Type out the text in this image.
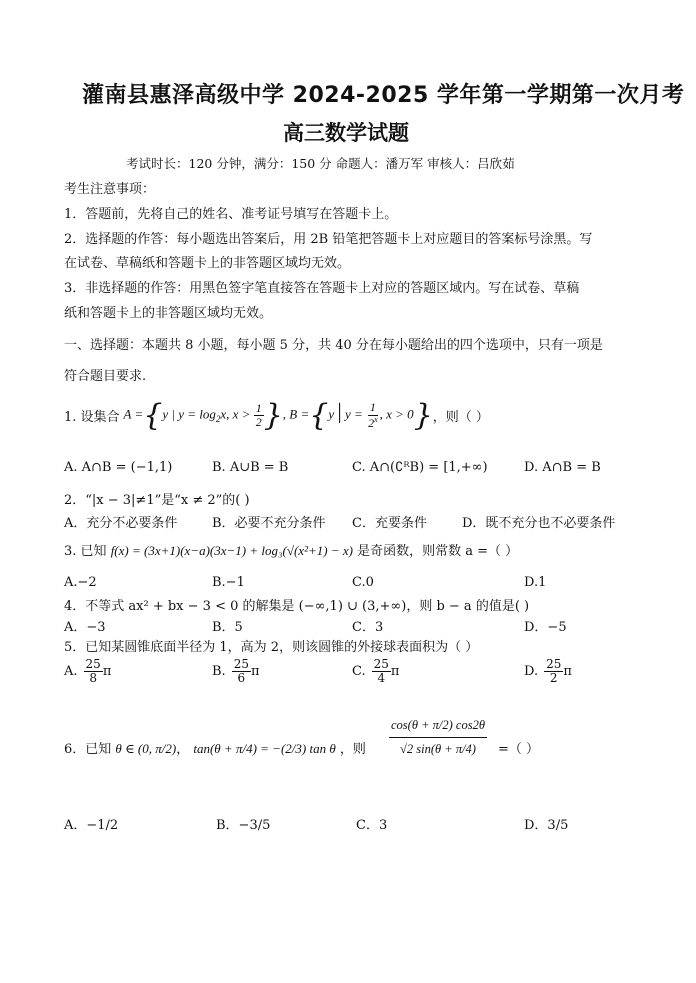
灌南县惠泽高级中学 2024-2025 学年第一学期第一次月考
高三数学试题
考试时长：120 分钟，满分：150 分 命题人：潘万军 审核人：吕欣茹
考生注意事项：
1．答题前，先将自己的姓名、准考证号填写在答题卡上。
2．选择题的作答：每小题选出答案后，用 2B 铅笔把答题卡上对应题目的答案标号涂黑。写
在试卷、草稿纸和答题卡上的非答题区域均无效。
3．非选择题的作答：用黑色签字笔直接答在答题卡上对应的答题区域内。写在试卷、草稿
纸和答题卡上的非答题区域均无效。
一、选择题：本题共 8 小题，每小题 5 分，共 40 分在每小题给出的四个选项中，只有一项是
符合题目要求.
1. 设集合 A ={y | $y = \log_2x$, $x > \frac{1}{2}$ }, B ={y | $y = \frac{1}{2^x}$ , x > 0} ，则（ ）
A. A∩B = (−1,1)	B. A∪B = B	C. A∩(∁ᴿB) = [1,+∞)	D. A∩B = B
2．“|x − 3|≠1”是“x ≠ 2”的( )
A．充分不必要条件	B．必要不充分条件 C．充要条件	D．既不充分也不必要条件
3. 已知 f(x) = (3x+1)(x−a)(3x−1) + log₃(√(x²+1) − x) 是奇函数，则常数 a =（ ）
A.−2	B.−1	C.0	D.1
4．不等式 ax² + bx − 3 < 0 的解集是 (−∞,1) ∪ (3,+∞)，则 b − a 的值是( )
A．−3	B．5	C．3	D．−5
5．已知某圆锥底面半径为 1，高为 2，则该圆锥的外接球表面积为（ ）
A. $\frac{25}{8}$ π	B. $\frac{25}{6}$ π	C. $\frac{25}{4}$ π	D. $\frac{25}{2}$ π
6．已知 θ ∈ (0, π/2)， tan(θ + π/4) = −(2/3) tan θ ，则 $\frac{\cos(\theta + \pi/2) \cos 2\theta}{√2 \sin(\theta + \pi/4)}$ =（ ）
A．−1/2	B．−3/5	C．3	D．3/5
